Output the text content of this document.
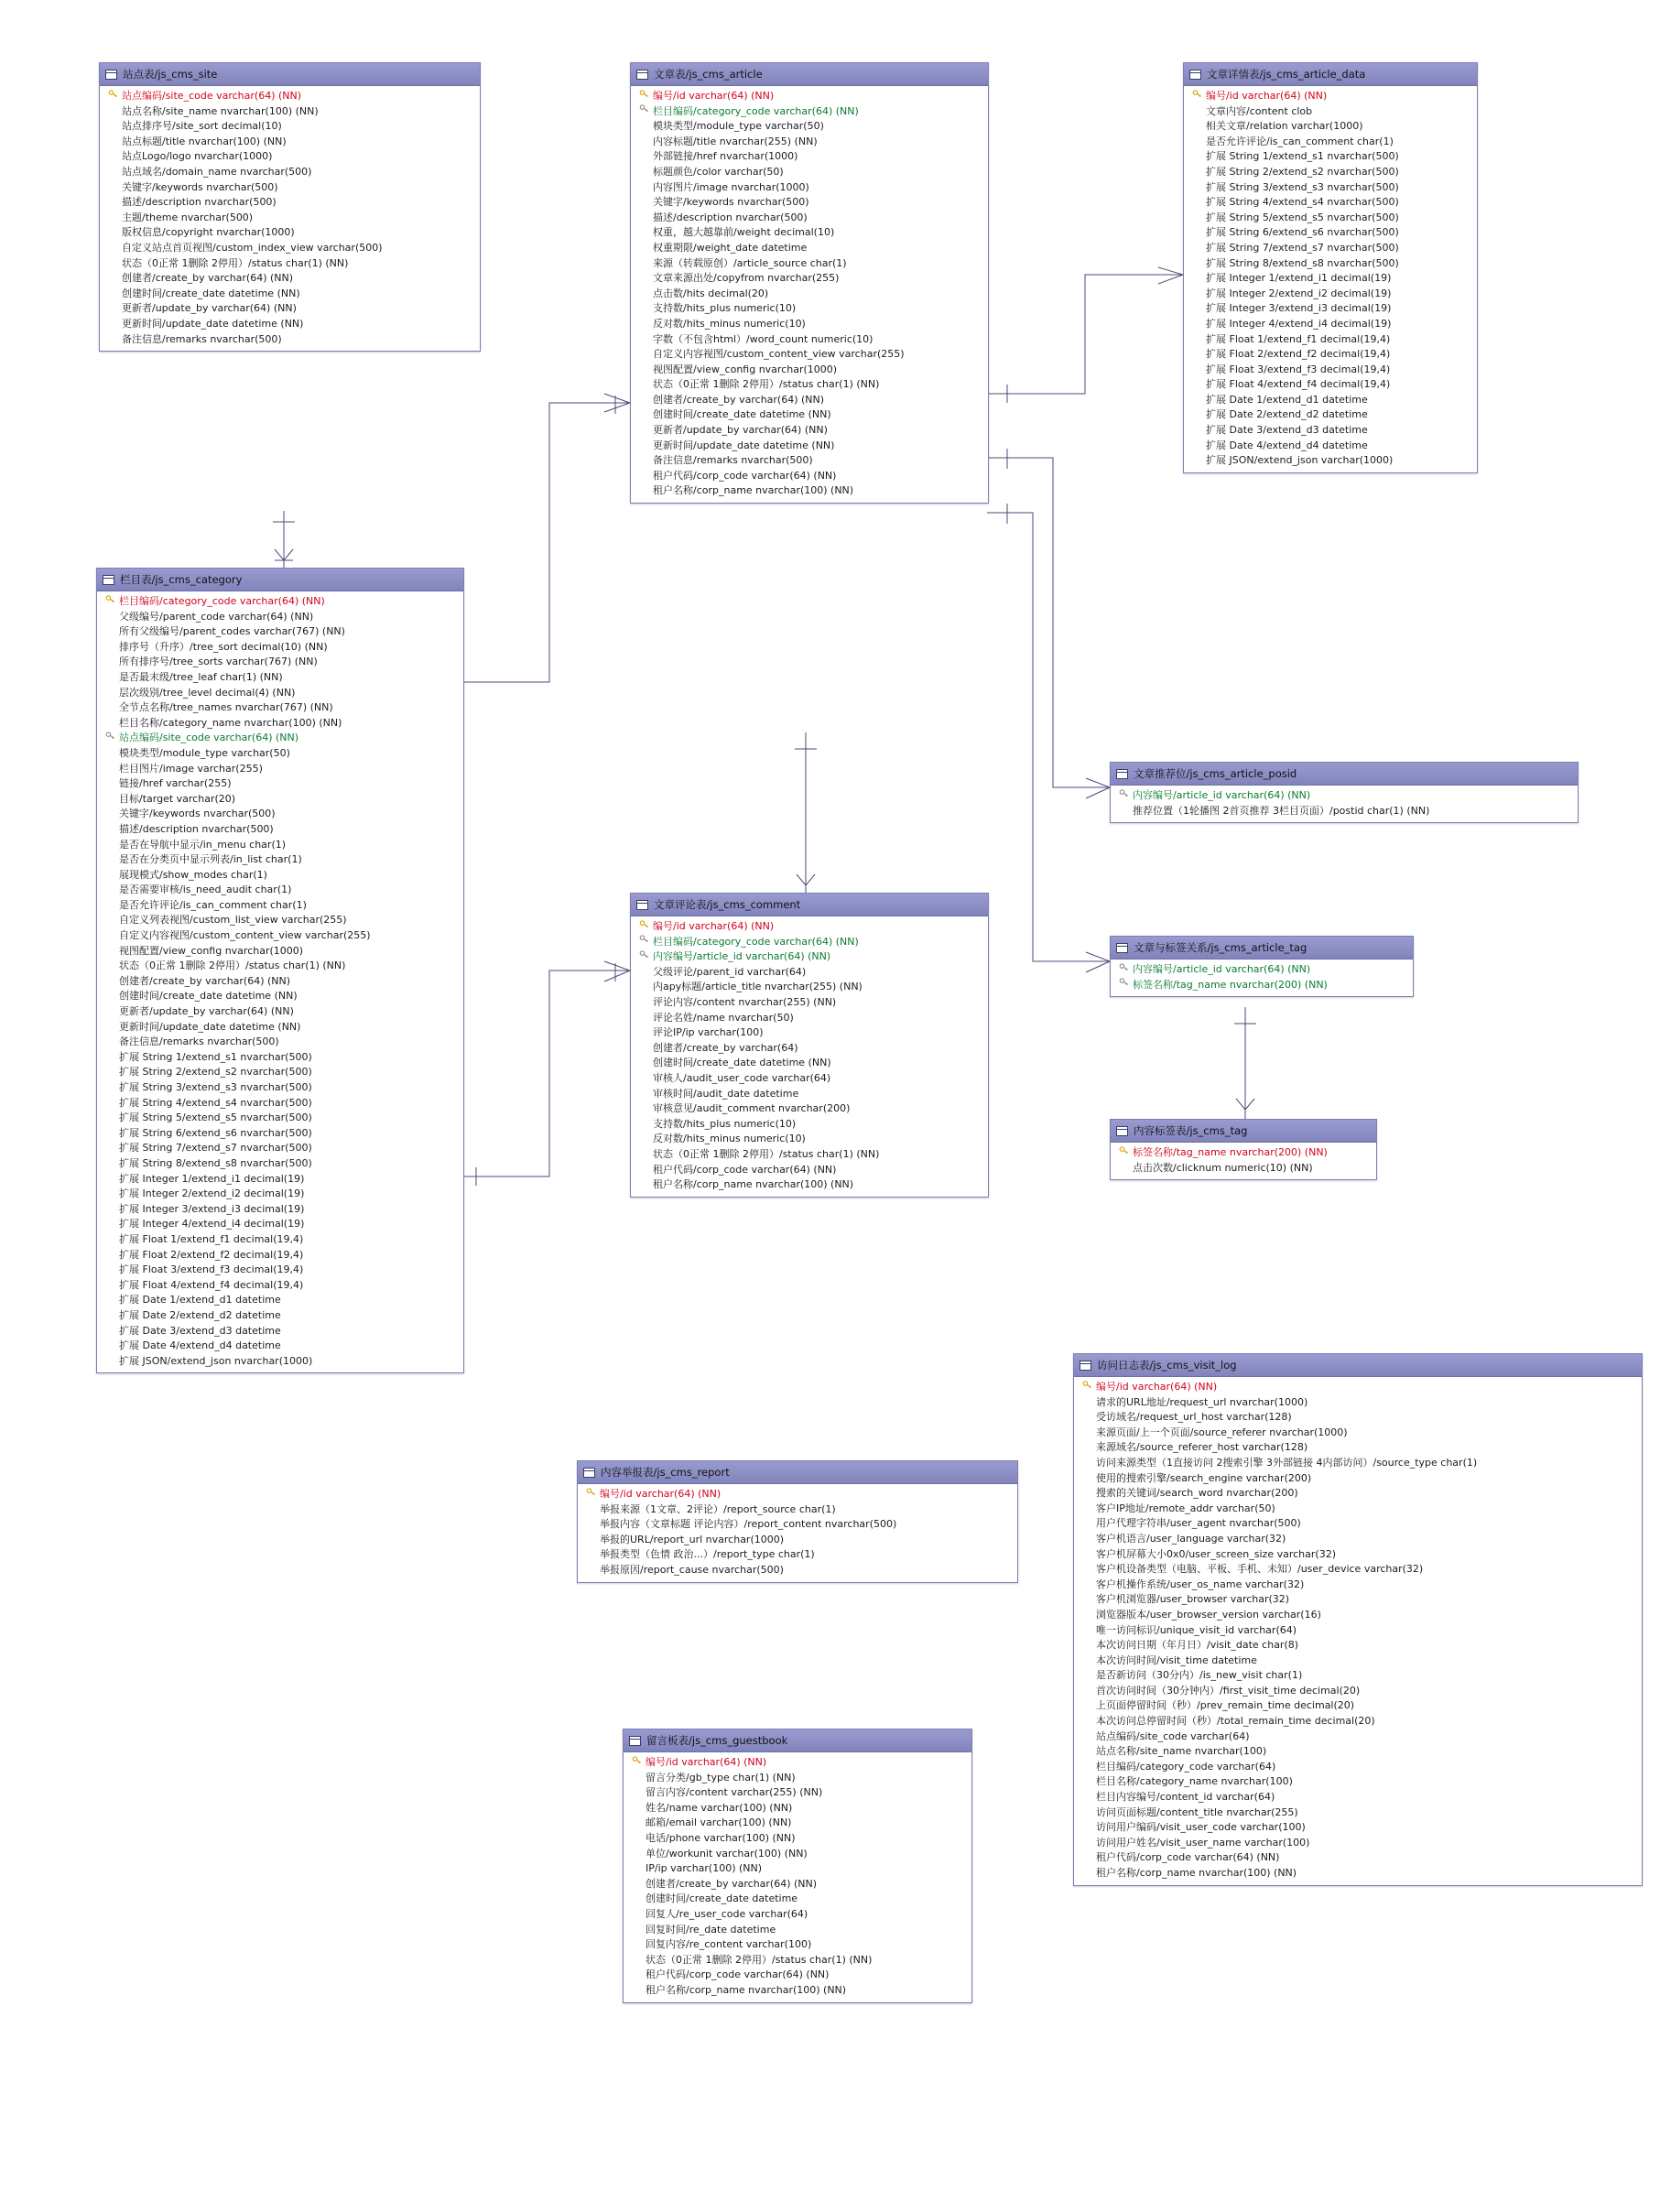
站点表/js_cms_site
站点编码/site_code varchar(64) (NN)
站点名称/site_name nvarchar(100) (NN)
站点排序号/site_sort decimal(10)
站点标题/title nvarchar(100) (NN)
站点Logo/logo nvarchar(1000)
站点域名/domain_name nvarchar(500)
关键字/keywords nvarchar(500)
描述/description nvarchar(500)
主题/theme nvarchar(500)
版权信息/copyright nvarchar(1000)
自定义站点首页视图/custom_index_view varchar(500)
状态（0正常 1删除 2停用）/status char(1) (NN)
创建者/create_by varchar(64) (NN)
创建时间/create_date datetime (NN)
更新者/update_by varchar(64) (NN)
更新时间/update_date datetime (NN)
备注信息/remarks nvarchar(500)
栏目表/js_cms_category
栏目编码/category_code varchar(64) (NN)
父级编号/parent_code varchar(64) (NN)
所有父级编号/parent_codes varchar(767) (NN)
排序号（升序）/tree_sort decimal(10) (NN)
所有排序号/tree_sorts varchar(767) (NN)
是否最末级/tree_leaf char(1) (NN)
层次级别/tree_level decimal(4) (NN)
全节点名称/tree_names nvarchar(767) (NN)
栏目名称/category_name nvarchar(100) (NN)
站点编码/site_code varchar(64) (NN)
模块类型/module_type varchar(50)
栏目图片/image varchar(255)
链接/href varchar(255)
目标/target varchar(20)
关键字/keywords nvarchar(500)
描述/description nvarchar(500)
是否在导航中显示/in_menu char(1)
是否在分类页中显示列表/in_list char(1)
展现模式/show_modes char(1)
是否需要审核/is_need_audit char(1)
是否允许评论/is_can_comment char(1)
自定义列表视图/custom_list_view varchar(255)
自定义内容视图/custom_content_view varchar(255)
视图配置/view_config nvarchar(1000)
状态（0正常 1删除 2停用）/status char(1) (NN)
创建者/create_by varchar(64) (NN)
创建时间/create_date datetime (NN)
更新者/update_by varchar(64) (NN)
更新时间/update_date datetime (NN)
备注信息/remarks nvarchar(500)
扩展 String 1/extend_s1 nvarchar(500)
扩展 String 2/extend_s2 nvarchar(500)
扩展 String 3/extend_s3 nvarchar(500)
扩展 String 4/extend_s4 nvarchar(500)
扩展 String 5/extend_s5 nvarchar(500)
扩展 String 6/extend_s6 nvarchar(500)
扩展 String 7/extend_s7 nvarchar(500)
扩展 String 8/extend_s8 nvarchar(500)
扩展 Integer 1/extend_i1 decimal(19)
扩展 Integer 2/extend_i2 decimal(19)
扩展 Integer 3/extend_i3 decimal(19)
扩展 Integer 4/extend_i4 decimal(19)
扩展 Float 1/extend_f1 decimal(19,4)
扩展 Float 2/extend_f2 decimal(19,4)
扩展 Float 3/extend_f3 decimal(19,4)
扩展 Float 4/extend_f4 decimal(19,4)
扩展 Date 1/extend_d1 datetime
扩展 Date 2/extend_d2 datetime
扩展 Date 3/extend_d3 datetime
扩展 Date 4/extend_d4 datetime
扩展 JSON/extend_json nvarchar(1000)
文章表/js_cms_article
编号/id varchar(64) (NN)
栏目编码/category_code varchar(64) (NN)
模块类型/module_type varchar(50)
内容标题/title nvarchar(255) (NN)
外部链接/href nvarchar(1000)
标题颜色/color varchar(50)
内容图片/image nvarchar(1000)
关键字/keywords nvarchar(500)
描述/description nvarchar(500)
权重，越大越靠前/weight decimal(10)
权重期限/weight_date datetime
来源（转载原创）/article_source char(1)
文章来源出处/copyfrom nvarchar(255)
点击数/hits decimal(20)
支持数/hits_plus numeric(10)
反对数/hits_minus numeric(10)
字数（不包含html）/word_count numeric(10)
自定义内容视图/custom_content_view varchar(255)
视图配置/view_config nvarchar(1000)
状态（0正常 1删除 2停用）/status char(1) (NN)
创建者/create_by varchar(64) (NN)
创建时间/create_date datetime (NN)
更新者/update_by varchar(64) (NN)
更新时间/update_date datetime (NN)
备注信息/remarks nvarchar(500)
租户代码/corp_code varchar(64) (NN)
租户名称/corp_name nvarchar(100) (NN)
文章详情表/js_cms_article_data
编号/id varchar(64) (NN)
文章内容/content clob
相关文章/relation varchar(1000)
是否允许评论/is_can_comment char(1)
扩展 String 1/extend_s1 nvarchar(500)
扩展 String 2/extend_s2 nvarchar(500)
扩展 String 3/extend_s3 nvarchar(500)
扩展 String 4/extend_s4 nvarchar(500)
扩展 String 5/extend_s5 nvarchar(500)
扩展 String 6/extend_s6 nvarchar(500)
扩展 String 7/extend_s7 nvarchar(500)
扩展 String 8/extend_s8 nvarchar(500)
扩展 Integer 1/extend_i1 decimal(19)
扩展 Integer 2/extend_i2 decimal(19)
扩展 Integer 3/extend_i3 decimal(19)
扩展 Integer 4/extend_i4 decimal(19)
扩展 Float 1/extend_f1 decimal(19,4)
扩展 Float 2/extend_f2 decimal(19,4)
扩展 Float 3/extend_f3 decimal(19,4)
扩展 Float 4/extend_f4 decimal(19,4)
扩展 Date 1/extend_d1 datetime
扩展 Date 2/extend_d2 datetime
扩展 Date 3/extend_d3 datetime
扩展 Date 4/extend_d4 datetime
扩展 JSON/extend_json varchar(1000)
文章推荐位/js_cms_article_posid
内容编号/article_id varchar(64) (NN)
推荐位置（1轮播图 2首页推荐 3栏目页面）/postid char(1) (NN)
文章与标签关系/js_cms_article_tag
内容编号/article_id varchar(64) (NN)
标签名称/tag_name nvarchar(200) (NN)
内容标签表/js_cms_tag
标签名称/tag_name nvarchar(200) (NN)
点击次数/clicknum numeric(10) (NN)
文章评论表/js_cms_comment
编号/id varchar(64) (NN)
栏目编码/category_code varchar(64) (NN)
内容编号/article_id varchar(64) (NN)
父级评论/parent_id varchar(64)
内ару标题/article_title nvarchar(255) (NN)
评论内容/content nvarchar(255) (NN)
评论名姓/name nvarchar(50)
评论IP/ip varchar(100)
创建者/create_by varchar(64)
创建时间/create_date datetime (NN)
审核人/audit_user_code varchar(64)
审核时间/audit_date datetime
审核意见/audit_comment nvarchar(200)
支持数/hits_plus numeric(10)
反对数/hits_minus numeric(10)
状态（0正常 1删除 2停用）/status char(1) (NN)
租户代码/corp_code varchar(64) (NN)
租户名称/corp_name nvarchar(100) (NN)
内容举报表/js_cms_report
编号/id varchar(64) (NN)
举报来源（1文章、2评论）/report_source char(1)
举报内容（文章标题 评论内容）/report_content nvarchar(500)
举报的URL/report_url nvarchar(1000)
举报类型（色情 政治...）/report_type char(1)
举报原因/report_cause nvarchar(500)
留言板表/js_cms_guestbook
编号/id varchar(64) (NN)
留言分类/gb_type char(1) (NN)
留言内容/content varchar(255) (NN)
姓名/name varchar(100) (NN)
邮箱/email varchar(100) (NN)
电话/phone varchar(100) (NN)
单位/workunit varchar(100) (NN)
IP/ip varchar(100) (NN)
创建者/create_by varchar(64) (NN)
创建时间/create_date datetime
回复人/re_user_code varchar(64)
回复时间/re_date datetime
回复内容/re_content varchar(100)
状态（0正常 1删除 2停用）/status char(1) (NN)
租户代码/corp_code varchar(64) (NN)
租户名称/corp_name nvarchar(100) (NN)
访问日志表/js_cms_visit_log
编号/id varchar(64) (NN)
请求的URL地址/request_url nvarchar(1000)
受访域名/request_url_host varchar(128)
来源页面/上一个页面/source_referer nvarchar(1000)
来源域名/source_referer_host varchar(128)
访问来源类型（1直接访问 2搜索引擎 3外部链接 4内部访问）/source_type char(1)
使用的搜索引擎/search_engine varchar(200)
搜索的关键词/search_word nvarchar(200)
客户IP地址/remote_addr varchar(50)
用户代理字符串/user_agent nvarchar(500)
客户机语言/user_language varchar(32)
客户机屏幕大小0x0/user_screen_size varchar(32)
客户机设备类型（电脑、平板、手机、未知）/user_device varchar(32)
客户机操作系统/user_os_name varchar(32)
客户机浏览器/user_browser varchar(32)
浏览器版本/user_browser_version varchar(16)
唯一访问标识/unique_visit_id varchar(64)
本次访问日期（年月日）/visit_date char(8)
本次访问时间/visit_time datetime
是否新访问（30分内）/is_new_visit char(1)
首次访问时间（30分钟内）/first_visit_time decimal(20)
上页面停留时间（秒）/prev_remain_time decimal(20)
本次访问总停留时间（秒）/total_remain_time decimal(20)
站点编码/site_code varchar(64)
站点名称/site_name nvarchar(100)
栏目编码/category_code varchar(64)
栏目名称/category_name nvarchar(100)
栏目内容编号/content_id varchar(64)
访问页面标题/content_title nvarchar(255)
访问用户编码/visit_user_code varchar(100)
访问用户姓名/visit_user_name varchar(100)
租户代码/corp_code varchar(64) (NN)
租户名称/corp_name nvarchar(100) (NN)
